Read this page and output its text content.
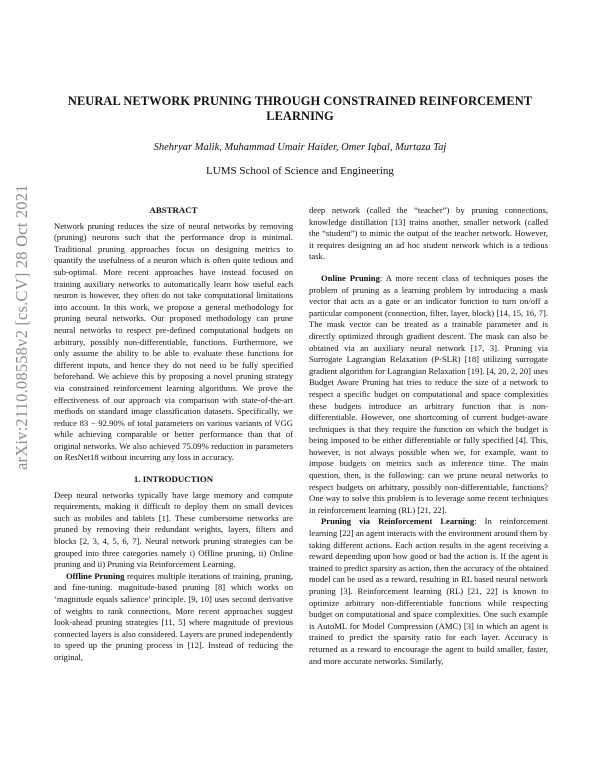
arXiv:2110.08558v2 [cs.CV] 28 Oct 2021
NEURAL NETWORK PRUNING THROUGH CONSTRAINED REINFORCEMENT LEARNING
Shehryar Malik, Muhammad Umair Haider, Omer Iqbal, Murtaza Taj
LUMS School of Science and Engineering
ABSTRACT

Network pruning reduces the size of neural networks by removing (pruning) neurons such that the performance drop is minimal. Traditional pruning approaches focus on designing metrics to quantify the usefulness of a neuron which is often quite tedious and sub-optimal. More recent approaches have instead focused on training auxiliary networks to automatically learn how useful each neuron is however, they often do not take computational limitations into account. In this work, we propose a general methodology for pruning neural networks. Our proposed methodology can prune neural networks to respect pre-defined computational budgets on arbitrary, possibly non-differentiable, functions. Furthermore, we only assume the ability to be able to evaluate these functions for different inputs, and hence they do not need to be fully specified beforehand. We achieve this by proposing a novel pruning strategy via constrained reinforcement learning algorithms. We prove the effectiveness of our approach via comparison with state-of-the-art methods on standard image classification datasets. Specifically, we reduce 83 − 92.90% of total parameters on various variants of VGG while achieving comparable or better performance than that of original networks. We also achieved 75.09% reduction in parameters on ResNet18 without incurring any loss in accuracy.

1. INTRODUCTION

Deep neural networks typically have large memory and compute requirements, making it difficult to deploy them on small devices such as mobiles and tablets [1]. These cumbersome networks are pruned by removing their redundant weights, layers, filters and blocks [2, 3, 4, 5, 6, 7]. Neural network pruning strategies can be grouped into three categories namely i) Offline pruning, ii) Online pruning and ii) Pruning via Reinforcement Learning.

Offline Pruning requires multiple iterations of training, pruning, and fine-tuning. magnitude-based pruning [8] which works on ‘magnitude equals salience’ principle. [9, 10] uses second derivative of weights to rank connections, More recent approaches suggest look-ahead pruning strategies [11, 5] where magnitude of previous connected layers is also considered. Layers are pruned independently to speed up the pruning process in [12]. Instead of reducing the original,

deep network (called the “teacher”) by pruning connections, knowledge distillation [13] trains another, smaller network (called the “student”) to mimic the output of the teacher network. However, it requires designing an ad hoc student network which is a tedious task.

Online Pruning: A more recent class of techniques poses the problem of pruning as a learning problem by introducing a mask vector that acts as a gate or an indicator function to turn on/off a particular component (connection, filter, layer, block) [14, 15, 16, 7]. The mask vector can be treated as a trainable parameter and is directly optimized through gradient descent. The mask can also be obtained via an auxiliary neural network [17, 3]. Pruning via Surrogate Lagrangian Relaxation (P-SLR) [18] utilizing surrogate gradient algorithm for Lagrangian Relaxation [19]. [4, 20, 2, 20] uses Budget Aware Pruning hat tries to reduce the size of a network to respect a specific budget on computational and space complexities these budgets introduce an arbitrary function that is non-differentiable. However, one shortcoming of current budget-aware techniques is that they require the function on which the budget is being imposed to be either differentiable or fully specified [4]. This, however, is not always possible when we, for example, want to impose budgets on metrics such as inference time. The main question, then, is the following: can we prune neural networks to respect budgets on arbitrary, possibly non-differentiable, functions? One way to solve this problem is to leverage some recent techniques in reinforcement learning (RL) [21, 22].

Pruning via Reinforcement Learning: In reinforcement learning [22] an agent interacts with the environment around them by taking different actions. Each action results in the agent receiving a reward depending upon how good or bad the action is. If the agent is trained to predict sparsity as action, then the accuracy of the obtained model can be used as a reward, resulting in RL based neural network pruning [3]. Reinforcement learning (RL) [21, 22] is known to optimize arbitrary non-differentiable functions while respecting budget on computational and space complexities. One such example is AutoML for Model Compression (AMC) [3] in which an agent is trained to predict the sparsity ratio for each layer. Accuracy is returned as a reward to encourage the agent to build smaller, faster, and more accurate networks. Similarly,
